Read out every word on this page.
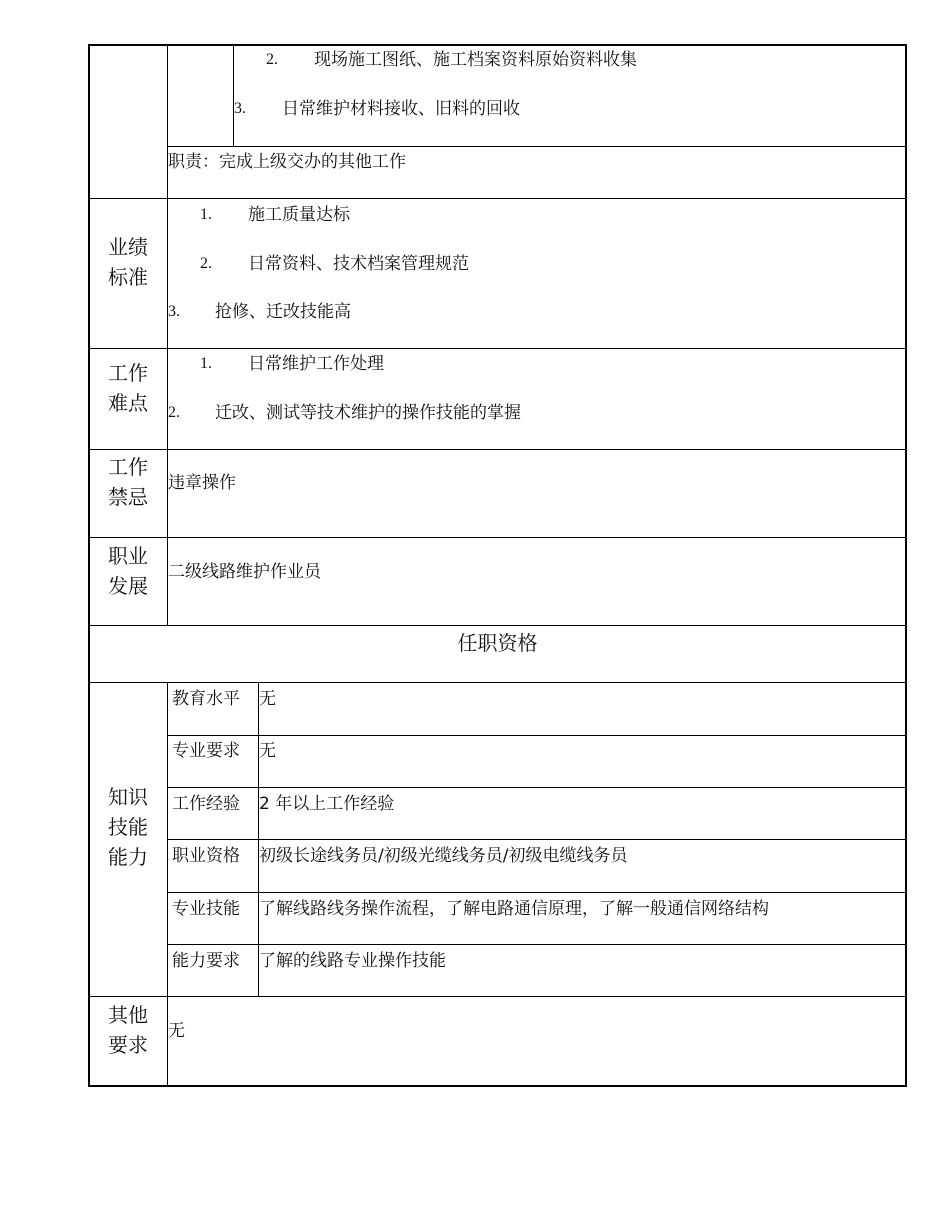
2. 现场施工图纸、施工档案资料原始资料收集
3. 日常维护材料接收、旧料的回收
职责：完成上级交办的其他工作
业绩
标准
1. 施工质量达标
2. 日常资料、技术档案管理规范
3. 抢修、迁改技能高
工作
难点
1. 日常维护工作处理
2. 迁改、测试等技术维护的操作技能的掌握
工作
禁忌
违章操作
职业
发展
二级线路维护作业员
任职资格
知识
技能
能力
教育水平 无
专业要求 无
工作经验 2 年以上工作经验
职业资格 初级长途线务员/初级光缆线务员/初级电缆线务员
专业技能 了解线路线务操作流程，了解电路通信原理，了解一般通信网络结构
能力要求 了解的线路专业操作技能
其他
要求
无
